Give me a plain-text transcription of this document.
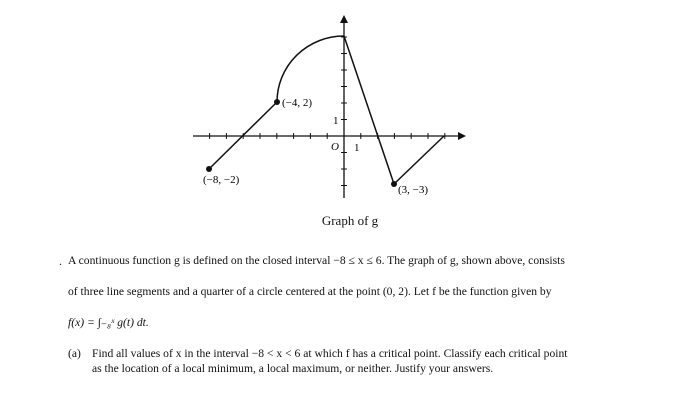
(−8, −2)
(−4, 2)
(3, −3)
O 1
1
Graph of g
. A continuous function g is defined on the closed interval −8 ≤ x ≤ 6. The graph of g, shown above, consists
of three line segments and a quarter of a circle centered at the point (0, 2). Let f be the function given by
f(x) = ∫₋₈ˣ g(t) dt.
(a) Find all values of x in the interval −8 < x < 6 at which f has a critical point. Classify each critical point
as the location of a local minimum, a local maximum, or neither. Justify your answers.
